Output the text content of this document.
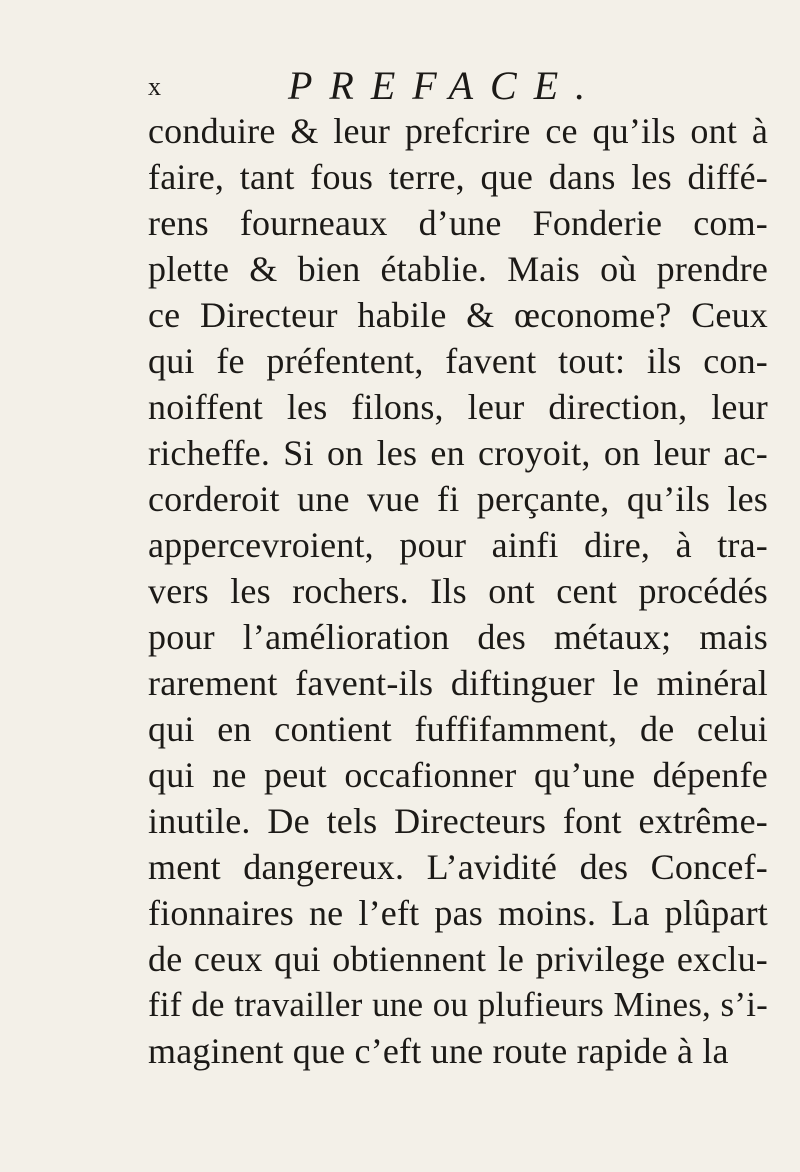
x	PREFACE.
conduire & leur prefcrire ce qu’ils ont à
faire, tant fous terre, que dans les diffé-
rens fourneaux d’une Fonderie com-
plette & bien établie. Mais où prendre
ce Directeur habile & œconome? Ceux
qui fe préfentent, favent tout: ils con-
noiffent les filons, leur direction, leur
richeffe. Si on les en croyoit, on leur ac-
corderoit une vue fi perçante, qu’ils les
appercevroient, pour ainfi dire, à tra-
vers les rochers. Ils ont cent procédés
pour l’amélioration des métaux; mais
rarement favent-ils diftinguer le minéral
qui en contient fuffifamment, de celui
qui ne peut occafionner qu’une dépenfe
inutile. De tels Directeurs font extrême-
ment dangereux. L’avidité des Concef-
fionnaires ne l’eft pas moins. La plûpart
de ceux qui obtiennent le privilege exclu-
fif de travailler une ou plufieurs Mines, s’i-
maginent que c’eft une route rapide à la
